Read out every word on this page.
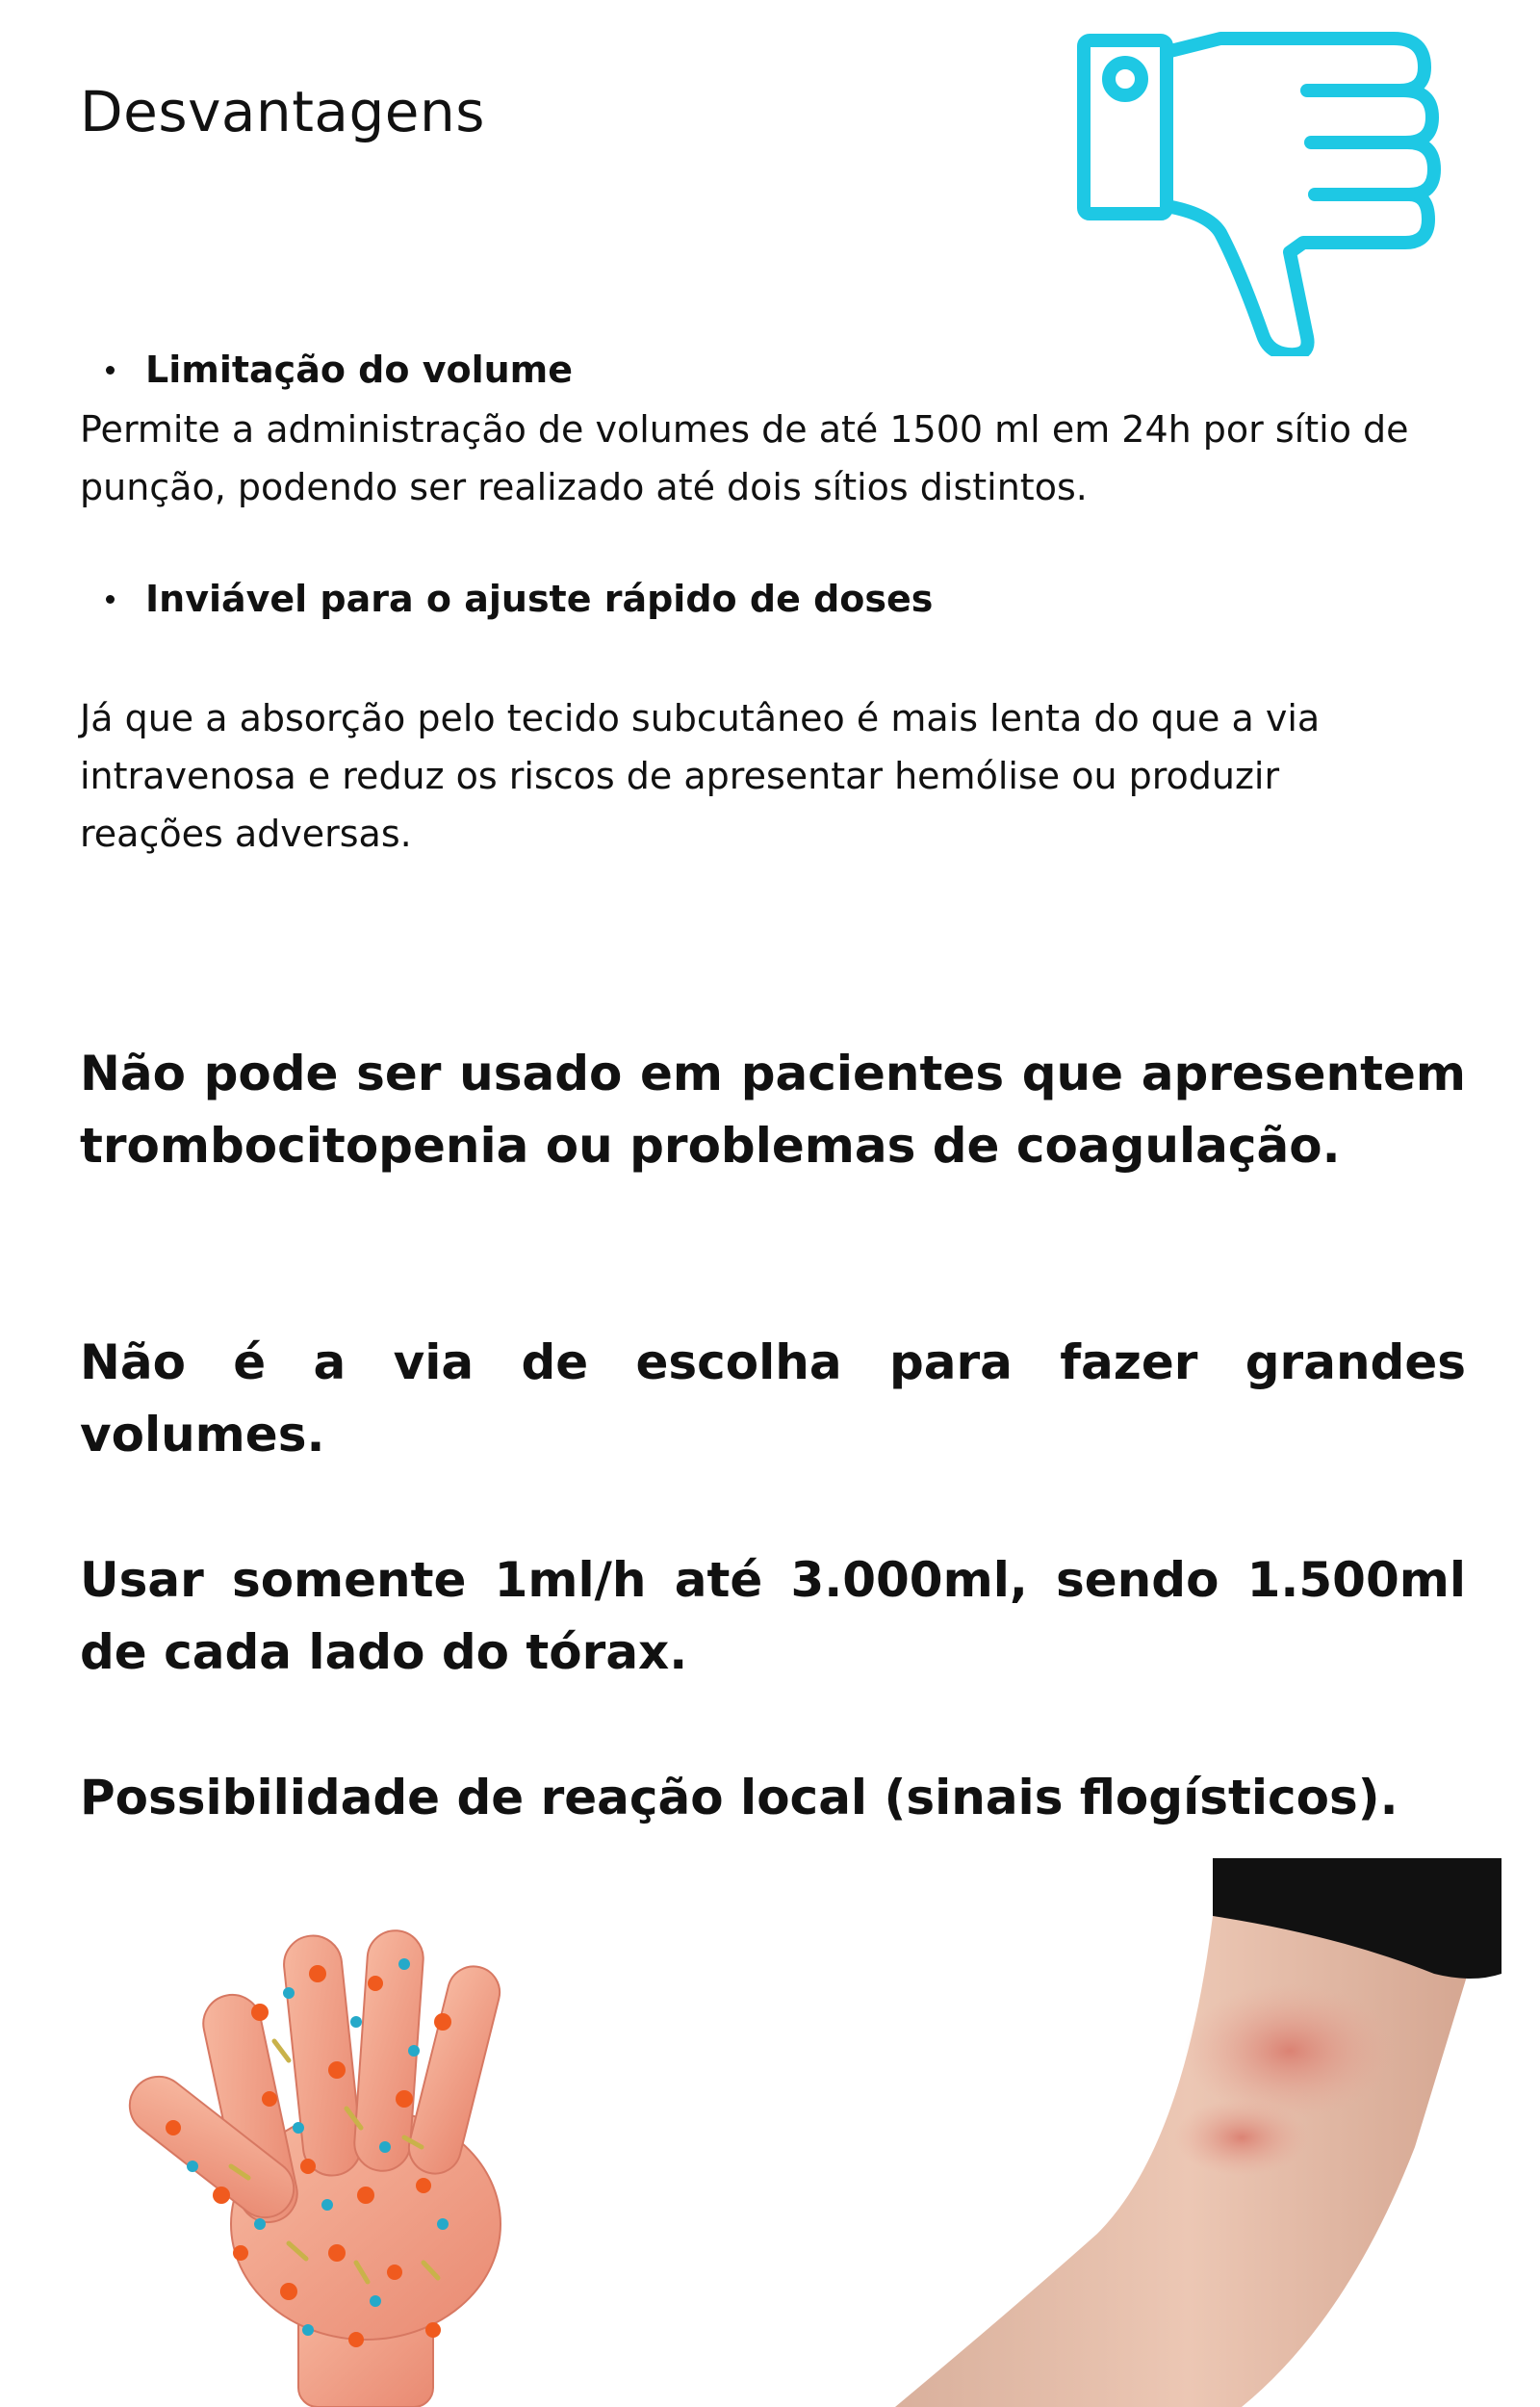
Desvantagens
Limitação do volume

Permite a administração de volumes de até 1500 ml em 24h por sítio de punção, podendo ser realizado até dois sítios distintos.

Inviável para o ajuste rápido de doses

Já que a absorção pelo tecido subcutâneo é mais lenta do que a via intravenosa e reduz os riscos de apresentar hemólise ou produzir reações adversas.

Não pode ser usado em pacientes que apresentem trombocitopenia ou problemas de coagulação.

Não é a via de escolha para fazer grandes volumes.

Usar somente 1ml/h até 3.000ml, sendo 1.500ml de cada lado do tórax.

Possibilidade de reação local (sinais flogísticos).
